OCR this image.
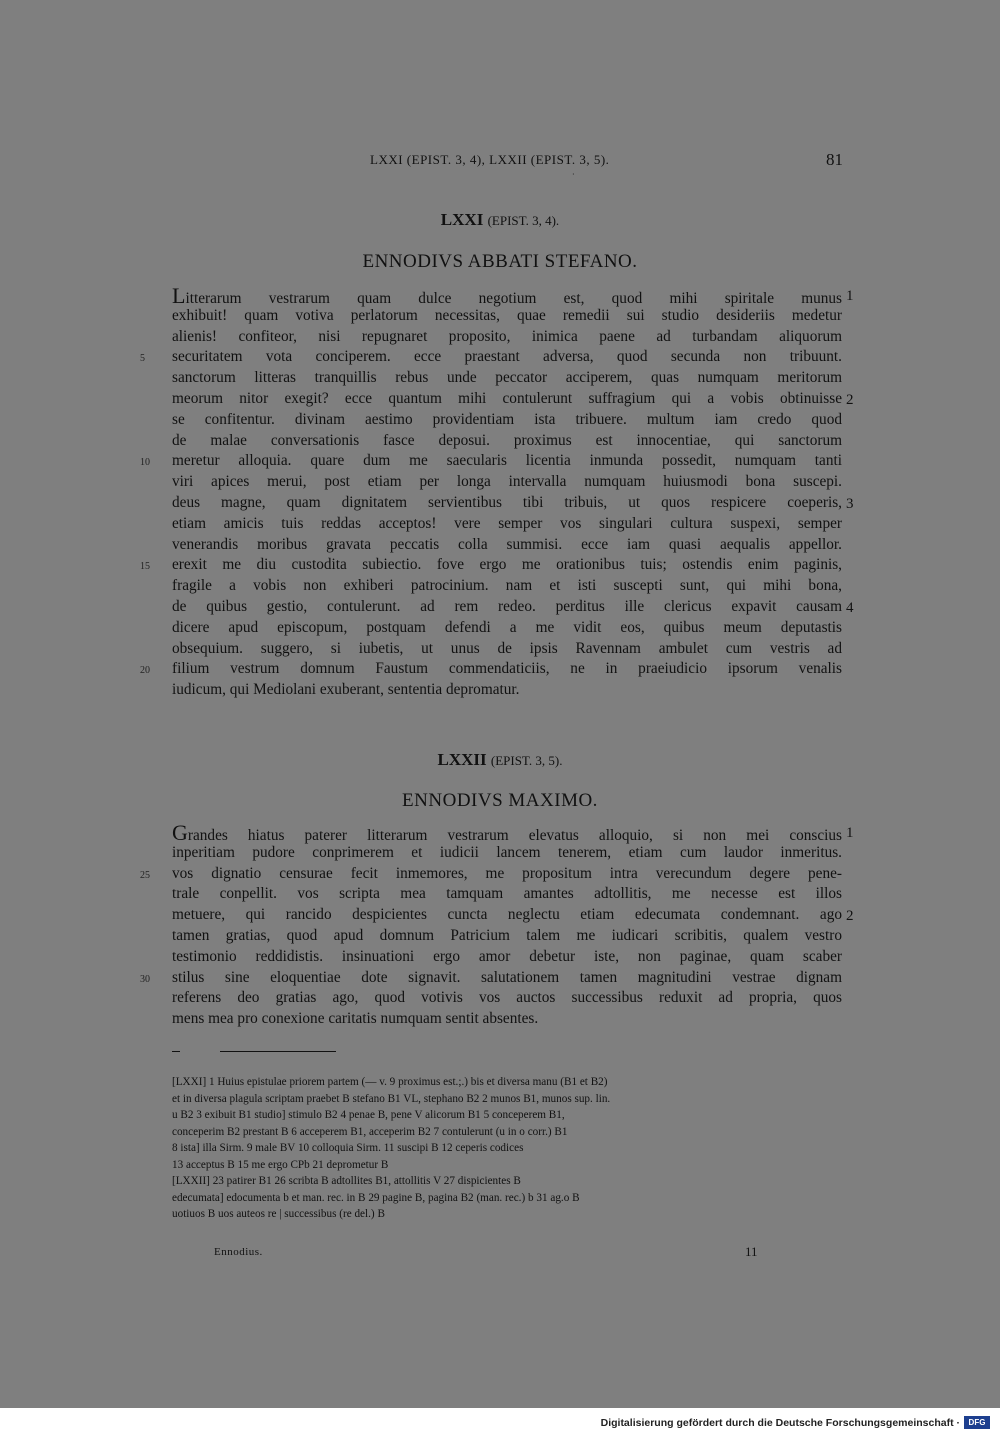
LXXI (EPIST. 3, 4), LXXII (EPIST. 3, 5).	81
·
LXXI (EPIST. 3, 4).
ENNODIVS ABBATI STEFANO.
Litterarum vestrarum quam dulce negotium est, quod mihi spiritale munus
exhibuit! quam votiva perlatorum necessitas, quae remedii sui studio desideriis medetur
alienis! confiteor, nisi repugnaret proposito, inimica paene ad turbandam aliquorum
securitatem vota conciperem. ecce praestant adversa, quod secunda non tribuunt.
sanctorum litteras tranquillis rebus unde peccator acciperem, quas numquam meritorum
meorum nitor exegit? ecce quantum mihi contulerunt suffragium qui a vobis obtinuisse
se confitentur. divinam aestimo providentiam ista tribuere. multum iam credo quod
de malae conversationis fasce deposui. proximus est innocentiae, qui sanctorum
meretur alloquia. quare dum me saecularis licentia inmunda possedit, numquam tanti
viri apices merui, post etiam per longa intervalla numquam huiusmodi bona suscepi.
deus magne, quam dignitatem servientibus tibi tribuis, ut quos respicere coeperis,
etiam amicis tuis reddas acceptos! vere semper vos singulari cultura suspexi, semper
venerandis moribus gravata peccatis colla summisi. ecce iam quasi aequalis appellor.
erexit me diu custodita subiectio. fove ergo me orationibus tuis; ostendis enim paginis,
fragile a vobis non exhiberi patrocinium. nam et isti suscepti sunt, qui mihi bona,
de quibus gestio, contulerunt. ad rem redeo. perditus ille clericus expavit causam
dicere apud episcopum, postquam defendi a me vidit eos, quibus meum deputastis
obsequium. suggero, si iubetis, ut unus de ipsis Ravennam ambulet cum vestris ad
filium vestrum domnum Faustum commendaticiis, ne in praeiudicio ipsorum venalis
iudicum, qui Mediolani exuberant, sententia depromatur.
1
2
3
4
5
10
15
20
LXXII (EPIST. 3, 5).
ENNODIVS MAXIMO.
Grandes hiatus paterer litterarum vestrarum elevatus alloquio, si non mei conscius
inperitiam pudore conprimerem et iudicii lancem tenerem, etiam cum laudor inmeritus.
vos dignatio censurae fecit inmemores, me propositum intra verecundum degere pene-
trale conpellit. vos scripta mea tamquam amantes adtollitis, me necesse est illos
metuere, qui rancido despicientes cuncta neglectu etiam edecumata condemnant. ago
tamen gratias, quod apud domnum Patricium talem me iudicari scribitis, qualem vestro
testimonio reddidistis. insinuationi ergo amor debetur iste, non paginae, quam scaber
stilus sine eloquentiae dote signavit. salutationem tamen magnitudini vestrae dignam
referens deo gratias ago, quod votivis vos auctos successibus reduxit ad propria, quos
mens mea pro conexione caritatis numquam sentit absentes.
1
2
25
30
[LXXI] 1 Huius epistulae priorem partem (— v. 9 proximus est.;.) bis et diversa manu (B1 et B2)
et in diversa plagula scriptam praebet B stefano B1 VL, stephano B2 2 munos B1, munos sup. lin.
u B2 3 exibuit B1 studio] stimulo B2 4 penae B, pene V alicorum B1 5 conceperem B1,
conceperim B2 prestant B 6 acceperem B1, acceperim B2 7 contulerunt (u in o corr.) B1
8 ista] illa Sirm. 9 male BV 10 colloquia Sirm. 11 suscipi B 12 ceperis codices
13 acceptus B 15 me ergo CPb 21 deprometur B
[LXXII] 23 patirer B1 26 scribta B adtollites B1, attollitis V 27 dispicientes B
edecumata] edocumenta b et man. rec. in B 29 pagine B, pagina B2 (man. rec.) b 31 ag.o B
uotiuos B uos auteos re | successibus (re del.) B
Ennodius.	11
Digitalisierung gefördert durch die Deutsche Forschungsgemeinschaft ·	DFG
